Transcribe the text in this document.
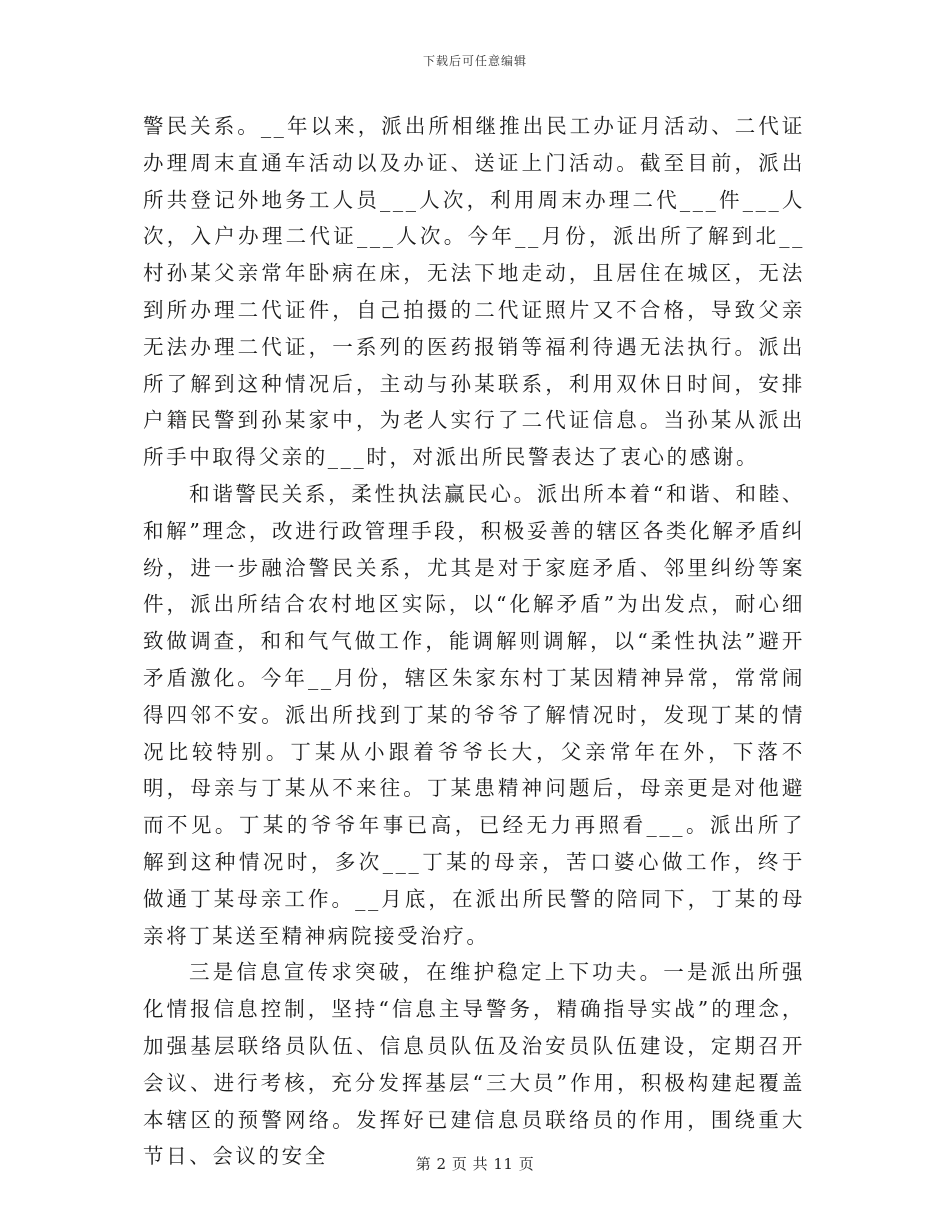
下载后可任意编辑

警民关系。__年以来，派出所相继推出民工办证月活动、二代证办理周末直通车活动以及办证、送证上门活动。截至目前，派出所共登记外地务工人员___人次，利用周末办理二代___件___人次，入户办理二代证___人次。今年__月份，派出所了解到北__村孙某父亲常年卧病在床，无法下地走动，且居住在城区，无法到所办理二代证件，自己拍摄的二代证照片又不合格，导致父亲无法办理二代证，一系列的医药报销等福利待遇无法执行。派出所了解到这种情况后，主动与孙某联系，利用双休日时间，安排户籍民警到孙某家中，为老人实行了二代证信息。当孙某从派出所手中取得父亲的___时，对派出所民警表达了衷心的感谢。

和谐警民关系，柔性执法赢民心。派出所本着“和谐、和睦、和解”理念，改进行政管理手段，积极妥善的辖区各类化解矛盾纠纷，进一步融洽警民关系，尤其是对于家庭矛盾、邻里纠纷等案件，派出所结合农村地区实际，以“化解矛盾”为出发点，耐心细致做调查，和和气气做工作，能调解则调解，以“柔性执法”避开矛盾激化。今年__月份，辖区朱家东村丁某因精神异常，常常闹得四邻不安。派出所找到丁某的爷爷了解情况时，发现丁某的情况比较特别。丁某从小跟着爷爷长大，父亲常年在外，下落不明，母亲与丁某从不来往。丁某患精神问题后，母亲更是对他避而不见。丁某的爷爷年事已高，已经无力再照看___。派出所了解到这种情况时，多次___丁某的母亲，苦口婆心做工作，终于做通丁某母亲工作。__月底，在派出所民警的陪同下，丁某的母亲将丁某送至精神病院接受治疗。

三是信息宣传求突破，在维护稳定上下功夫。一是派出所强化情报信息控制，坚持“信息主导警务，精确指导实战”的理念，加强基层联络员队伍、信息员队伍及治安员队伍建设，定期召开会议、进行考核，充分发挥基层“三大员”作用，积极构建起覆盖本辖区的预警网络。发挥好已建信息员联络员的作用，围绕重大节日、会议的安全	第 2 页 共 11 页
